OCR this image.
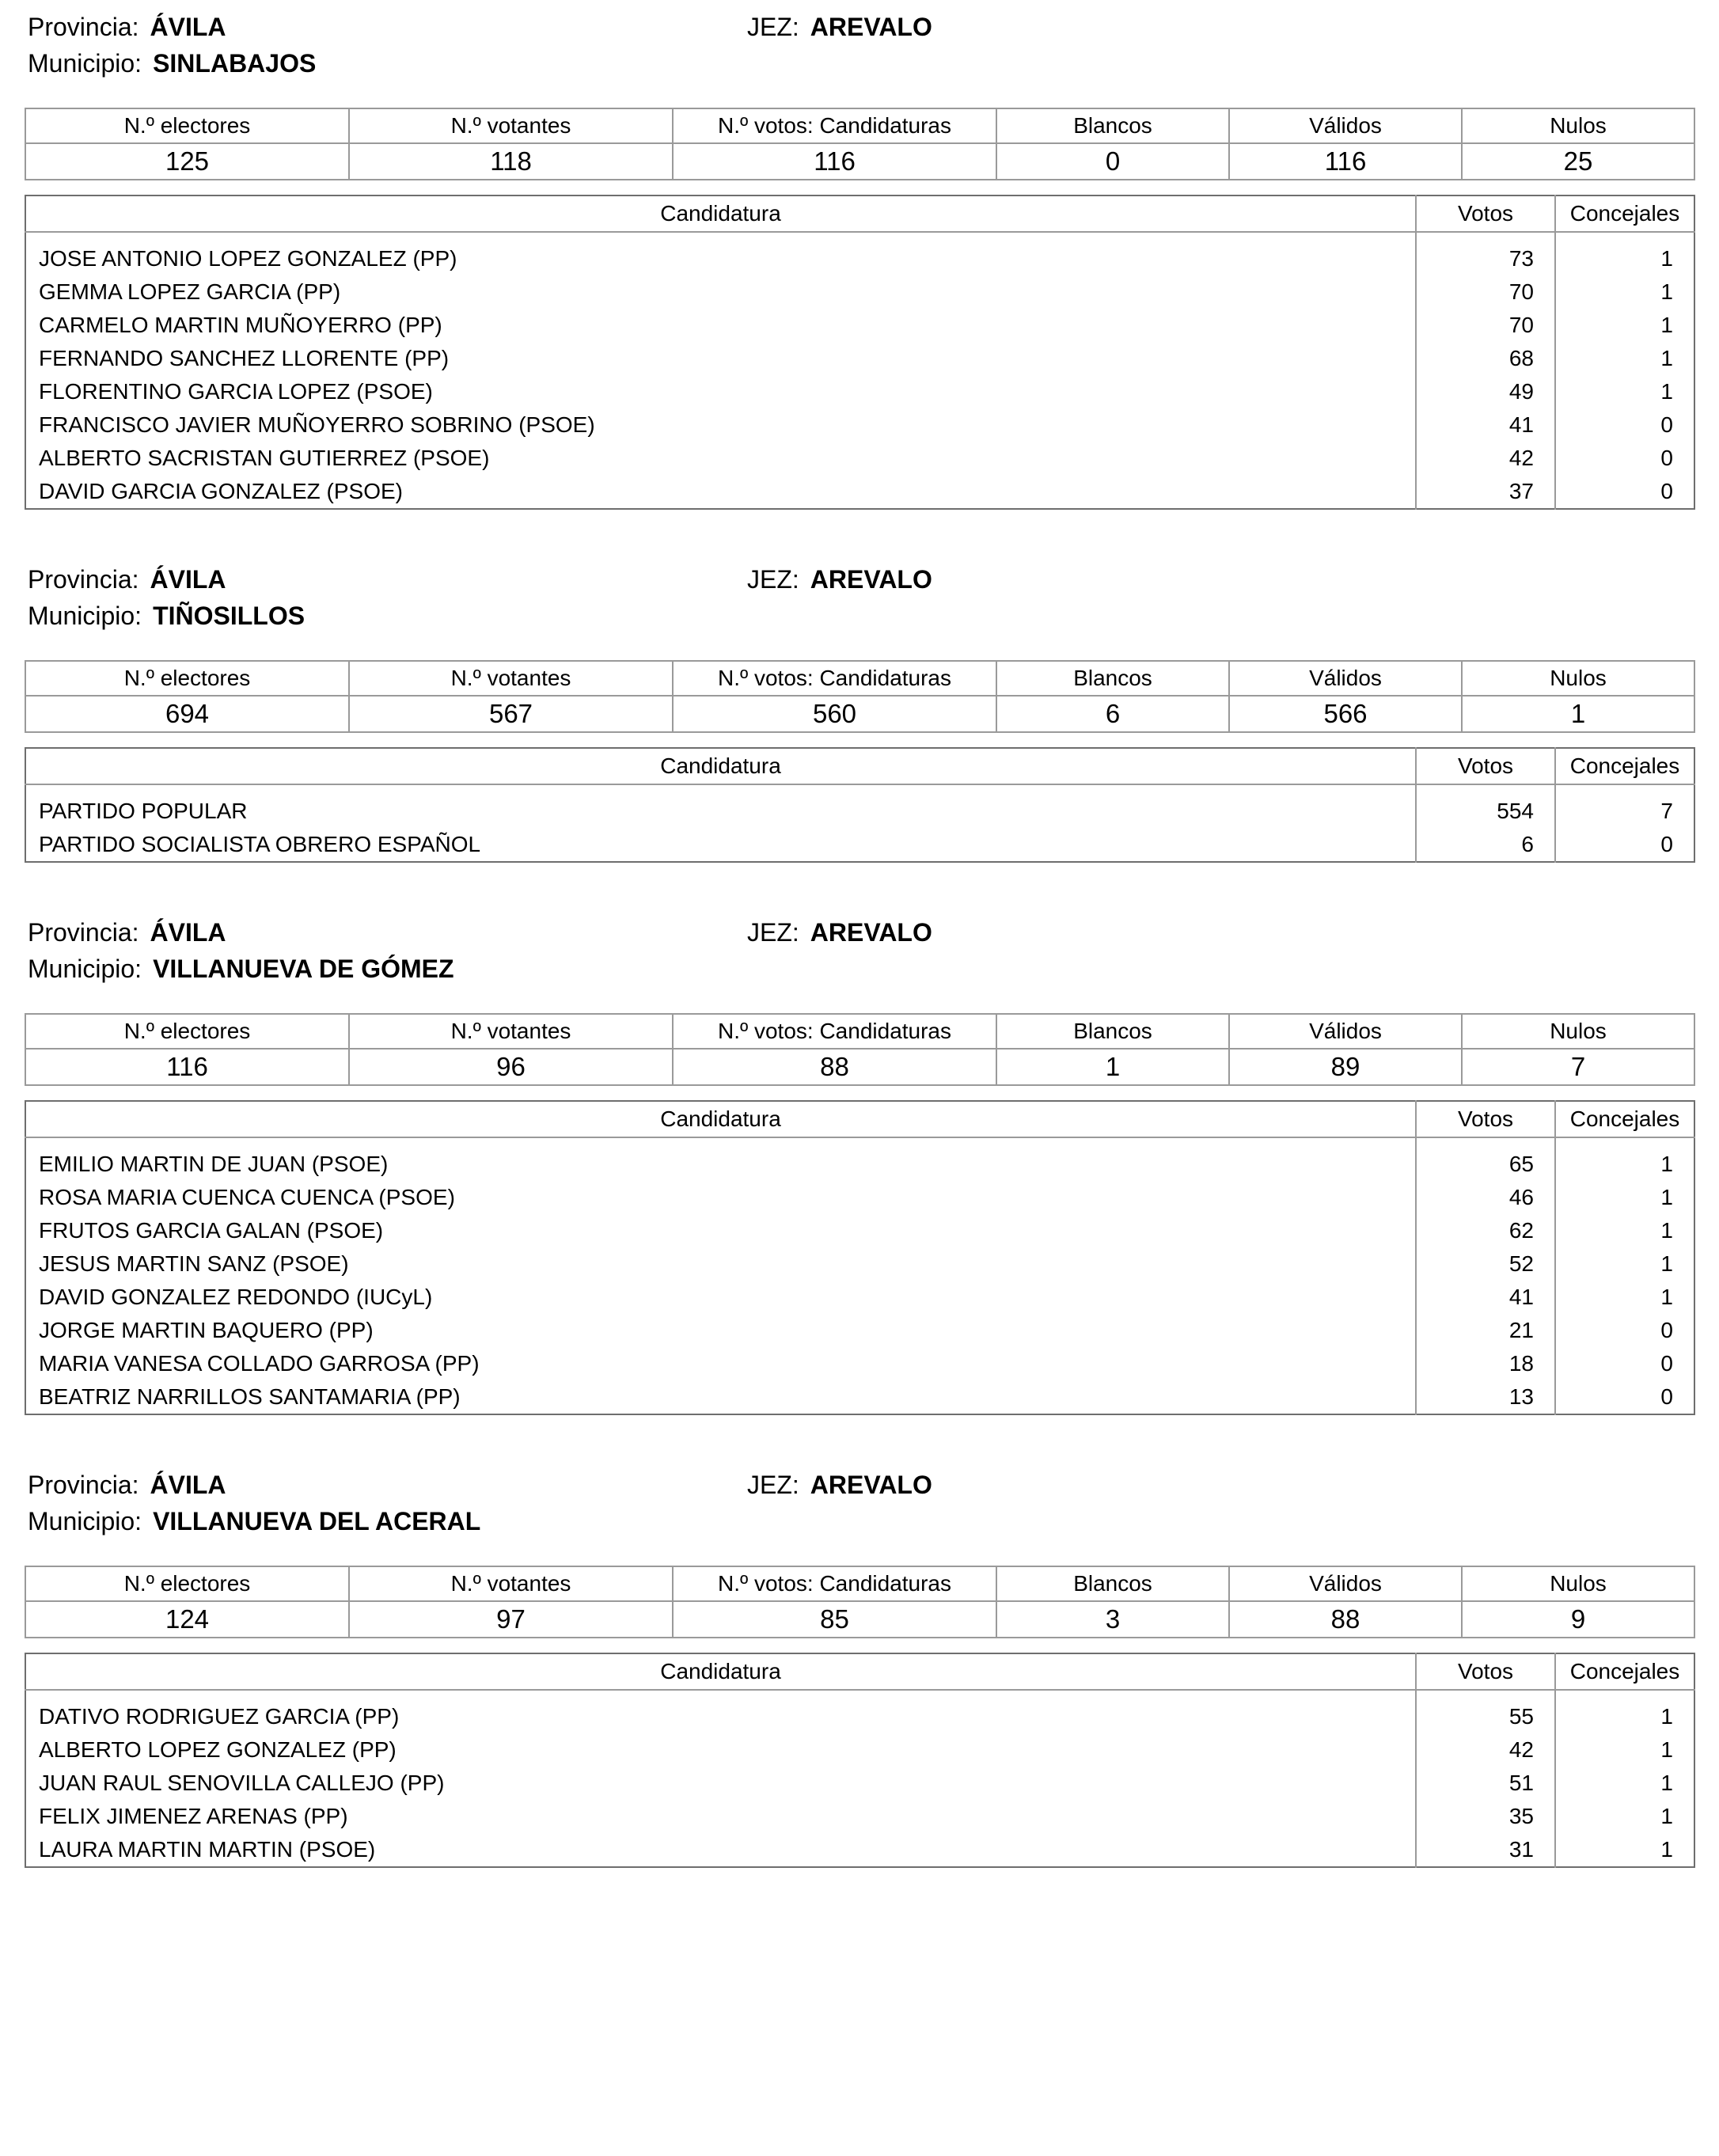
Provincia: ÁVILA	JEZ: AREVALO
Municipio: SINLABAJOS
N.º electores	N.º votantes	N.º votos: Candidaturas	Blancos	Válidos	Nulos
125	118	116	0	116	25
Candidatura	Votos	Concejales

JOSE ANTONIO LOPEZ GONZALEZ (PP)	73	1
GEMMA LOPEZ GARCIA (PP)	70	1
CARMELO MARTIN MUÑOYERRO (PP)	70	1
FERNANDO SANCHEZ LLORENTE (PP)	68	1
FLORENTINO GARCIA LOPEZ (PSOE)	49	1
FRANCISCO JAVIER MUÑOYERRO SOBRINO (PSOE)	41	0
ALBERTO SACRISTAN GUTIERREZ (PSOE)	42	0
DAVID GARCIA GONZALEZ (PSOE)	37	0
Provincia: ÁVILA	JEZ: AREVALO
Municipio: TIÑOSILLOS
N.º electores	N.º votantes	N.º votos: Candidaturas	Blancos	Válidos	Nulos
694	567	560	6	566	1
Candidatura	Votos	Concejales

PARTIDO POPULAR	554	7
PARTIDO SOCIALISTA OBRERO ESPAÑOL	6	0
Provincia: ÁVILA	JEZ: AREVALO
Municipio: VILLANUEVA DE GÓMEZ
N.º electores	N.º votantes	N.º votos: Candidaturas	Blancos	Válidos	Nulos
116	96	88	1	89	7
Candidatura	Votos	Concejales

EMILIO MARTIN DE JUAN (PSOE)	65	1
ROSA MARIA CUENCA CUENCA (PSOE)	46	1
FRUTOS GARCIA GALAN (PSOE)	62	1
JESUS MARTIN SANZ (PSOE)	52	1
DAVID GONZALEZ REDONDO (IUCyL)	41	1
JORGE MARTIN BAQUERO (PP)	21	0
MARIA VANESA COLLADO GARROSA (PP)	18	0
BEATRIZ NARRILLOS SANTAMARIA (PP)	13	0
Provincia: ÁVILA	JEZ: AREVALO
Municipio: VILLANUEVA DEL ACERAL
N.º electores	N.º votantes	N.º votos: Candidaturas	Blancos	Válidos	Nulos
124	97	85	3	88	9
Candidatura	Votos	Concejales

DATIVO RODRIGUEZ GARCIA (PP)	55	1
ALBERTO LOPEZ GONZALEZ (PP)	42	1
JUAN RAUL SENOVILLA CALLEJO (PP)	51	1
FELIX JIMENEZ ARENAS (PP)	35	1
LAURA MARTIN MARTIN (PSOE)	31	1
